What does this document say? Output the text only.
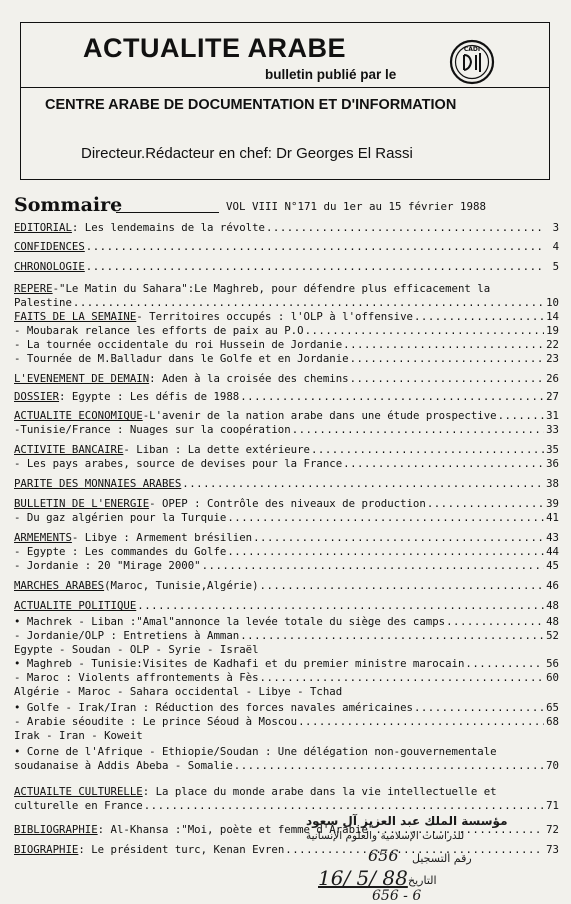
ACTUALITE ARABE
bulletin publié par le
CADI
CENTRE ARABE DE DOCUMENTATION ET D'INFORMATION
Directeur.Rédacteur en chef: Dr Georges El Rassi
Sommaire	VOL VIII N°171 du 1er au 15 février 1988
EDITORIAL : Les lendemains de la révolte .....	3
CONFIDENCES .....	4
CHRONOLOGIE .....	5
REPERE -"Le Matin du Sahara":Le Maghreb, pour défendre plus efficacement la
Palestine .....	10
FAITS DE LA SEMAINE - Territoires occupés : l'OLP à l'offensive .....	14
- Moubarak relance les efforts de paix au P.O .....	19
- La tournée occidentale du roi Hussein de Jordanie .....	22
- Tournée de M.Balladur dans le Golfe et en Jordanie .....	23
L'EVENEMENT DE DEMAIN : Aden à la croisée des chemins .....	26
DOSSIER : Egypte : Les défis de 1988 .....	27
ACTUALITE ECONOMIQUE -L'avenir de la nation arabe dans une étude prospective .....	31
-Tunisie/France : Nuages sur la coopération .....	33
ACTIVITE BANCAIRE - Liban : La dette extérieure .....	35
- Les pays arabes, source de devises pour la France .....	36
PARITE DES MONNAIES ARABES .....	38
BULLETIN DE L'ENERGIE - OPEP : Contrôle des niveaux de production .....	39
- Du gaz algérien pour la Turquie .....	41
ARMEMENTS - Libye : Armement brésilien .....	43
- Egypte : Les commandes du Golfe .....	44
- Jordanie : 20 "Mirage 2000" .....	45
MARCHES ARABES (Maroc, Tunisie,Algérie) .....	46
ACTUALITE POLITIQUE .....	48
• Machrek - Liban :"Amal"annonce la levée totale du siège des camps .....	48
- Jordanie/OLP : Entretiens à Amman .....	52
Egypte - Soudan - OLP - Syrie - Israël
• Maghreb - Tunisie:Visites de Kadhafi et du premier ministre marocain .....	56
- Maroc : Violents affrontements à Fès .....	60
Algérie - Maroc - Sahara occidental - Libye - Tchad
• Golfe - Irak/Iran : Réduction des forces navales américaines .....	65
- Arabie séoudite : Le prince Séoud à Moscou .....	68
Irak - Iran - Koweit
• Corne de l'Afrique - Ethiopie/Soudan : Une délégation non-gouvernementale
soudanaise à Addis Abeba - Somalie .....	70
ACTUAILTE CULTURELLE : La place du monde arabe dans la vie intellectuelle et
culturelle en France .....	71
BIBLIOGRAPHIE : Al-Khansa :"Moi, poète et femme d'Arabie" .....	72
BIOGRAPHIE : Le président turc, Kenan Evren .....	73
مؤسسة الملك عبد العزيز آل سعود
للدراسات الإسلامية والعلوم الإنسانية
656 رقم التسجيل
16/ 5/ 88 التاريخ
656 - 6
